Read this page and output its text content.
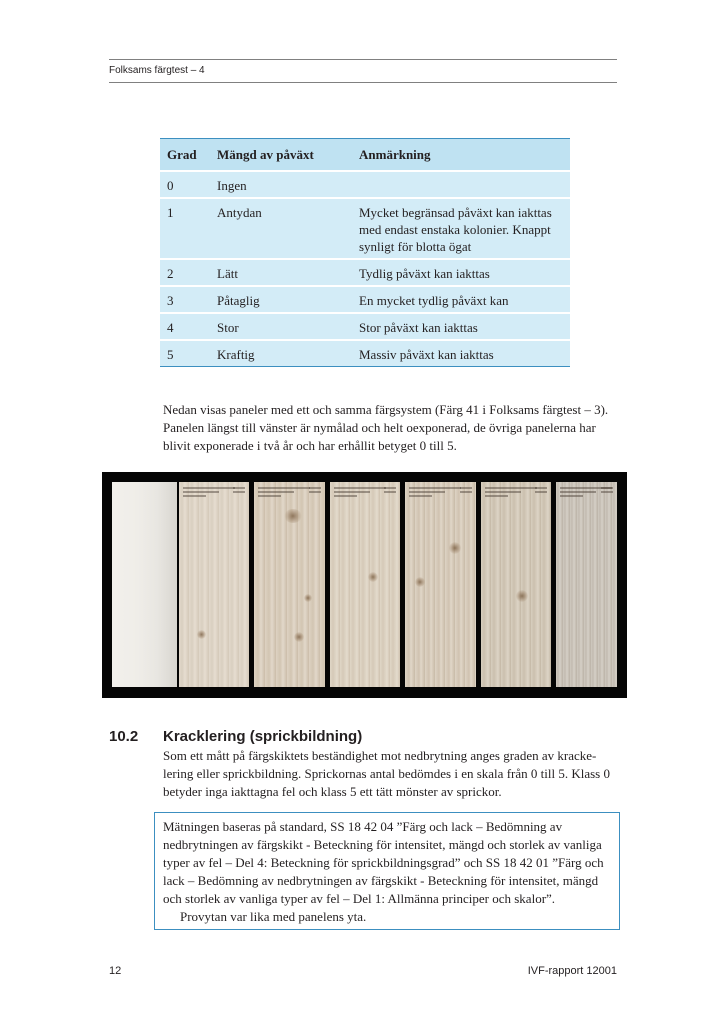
Folksams färgtest – 4
Grad	Mängd av påväxt	Anmärkning
0	Ingen	
1	Antydan	Mycket begränsad påväxt kan iakttas med endast enstaka kolonier. Knappt synligt för blotta ögat
2	Lätt	Tydlig påväxt kan iakttas
3	Påtaglig	En mycket tydlig påväxt kan
4	Stor	Stor påväxt kan iakttas
5	Kraftig	Massiv påväxt kan iakttas

Nedan visas paneler med ett och samma färgsystem (Färg 41 i Folksams färgtest – 3). Panelen längst till vänster är nymålad och helt oexponerad, de övriga panelerna har blivit exponerade i två år och har erhållit betyget 0 till 5.

10.2 Kracklering (sprickbildning)

Som ett mått på färgskiktets beständighet mot nedbrytning anges graden av kracke-lering eller sprickbildning. Sprickornas antal bedömdes i en skala från 0 till 5. Klass 0 betyder inga iakttagna fel och klass 5 ett tätt mönster av sprickor.

Mätningen baseras på standard, SS 18 42 04 ”Färg och lack – Bedömning av nedbrytningen av färgskikt - Beteckning för intensitet, mängd och storlek av vanliga typer av fel – Del 4: Beteckning för sprickbildningsgrad” och SS 18 42 01 ”Färg och lack – Bedömning av nedbrytningen av färgskikt - Beteckning för intensitet, mängd och storlek av vanliga typer av fel – Del 1: Allmänna principer och skalor”.

Provytan var lika med panelens yta.

12	IVF-rapport 12001
